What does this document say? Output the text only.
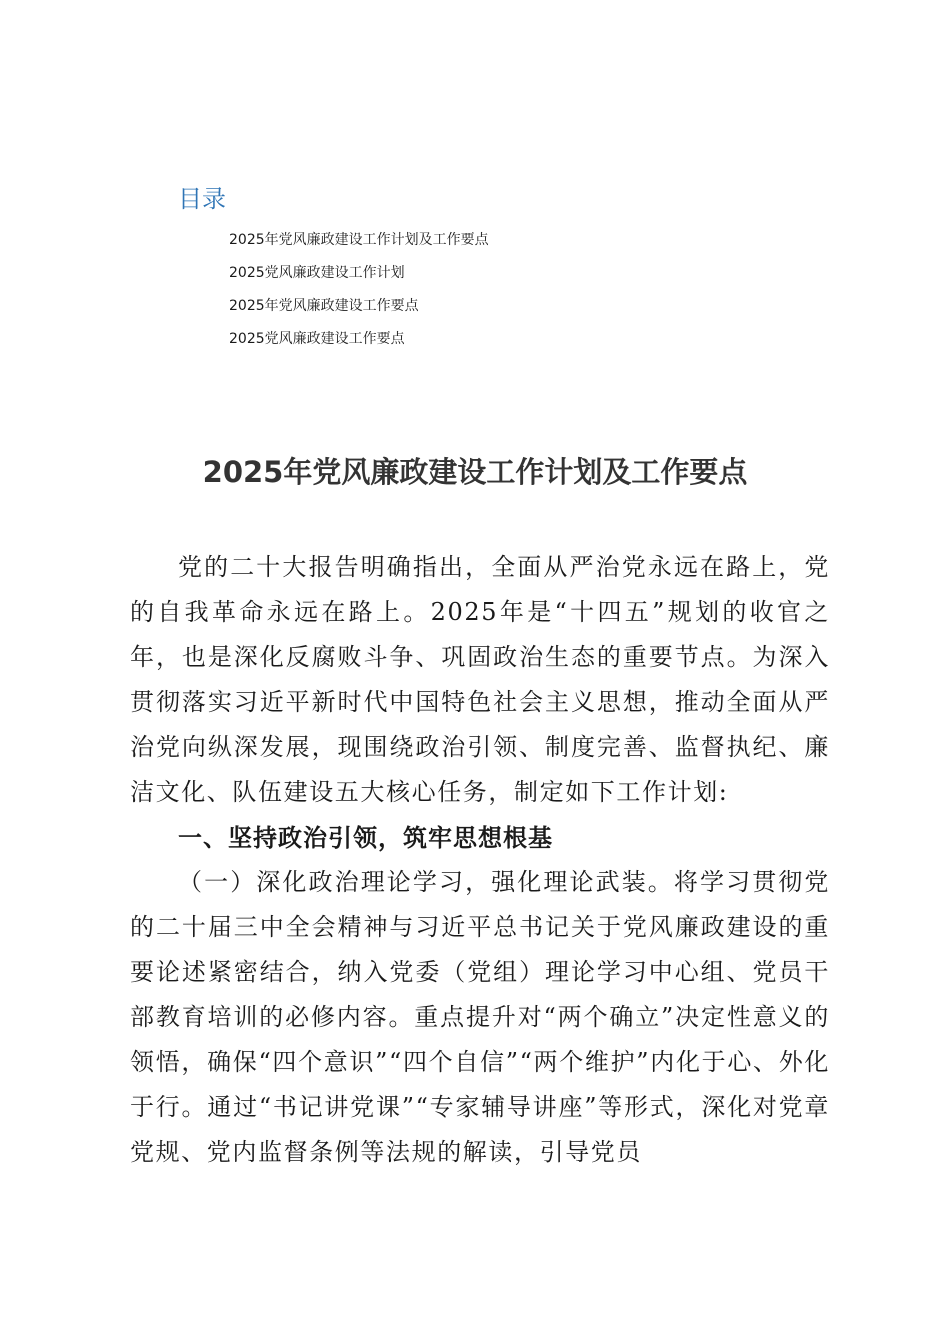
目录
2025年党风廉政建设工作计划及工作要点
2025党风廉政建设工作计划
2025年党风廉政建设工作要点
2025党风廉政建设工作要点
2025年党风廉政建设工作计划及工作要点

党的二十大报告明确指出，全面从严治党永远在路上，党的自我革命永远在路上。2025年是“十四五”规划的收官之年，也是深化反腐败斗争、巩固政治生态的重要节点。为深入贯彻落实习近平新时代中国特色社会主义思想，推动全面从严治党向纵深发展，现围绕政治引领、制度完善、监督执纪、廉洁文化、队伍建设五大核心任务，制定如下工作计划:

一、坚持政治引领，筑牢思想根基

（一）深化政治理论学习，强化理论武装。将学习贯彻党的二十届三中全会精神与习近平总书记关于党风廉政建设的重要论述紧密结合，纳入党委（党组）理论学习中心组、党员干部教育培训的必修内容。重点提升对“两个确立”决定性意义的领悟，确保“四个意识”“四个自信”“两个维护”内化于心、外化于行。通过“书记讲党课”“专家辅导讲座”等形式，深化对党章党规、党内监督条例等法规的解读，引导党员
